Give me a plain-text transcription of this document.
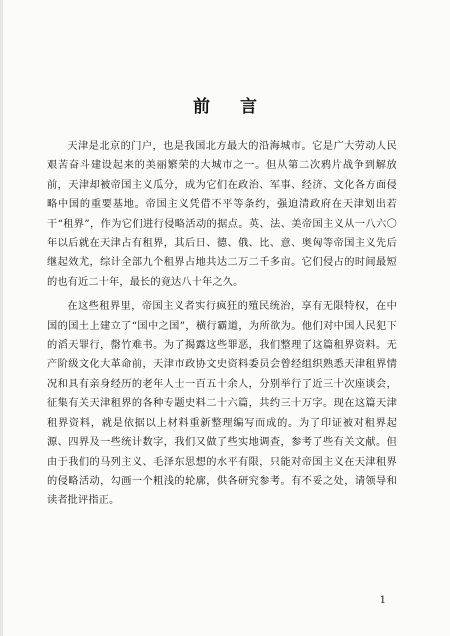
前 言

天津是北京的门户，也是我国北方最大的沿海城市。它是广大劳动人民艰苦奋斗建设起来的美丽繁荣的大城市之一。但从第二次鸦片战争到解放前，天津却被帝国主义瓜分，成为它们在政治、军事、经济、文化各方面侵略中国的重要基地。帝国主义凭借不平等条约，强迫清政府在天津划出若干“租界”，作为它们进行侵略活动的据点。英、法、美帝国主义从一八六〇年以后就在天津占有租界，其后日、德、俄、比、意、奥匈等帝国主义先后继起效尤，综计全部九个租界占地共达二万二千多亩。它们侵占的时间最短的也有近二十年，最长的竟达八十年之久。

在这些租界里，帝国主义者实行疯狂的殖民统治，享有无限特权，在中国的国土上建立了“国中之国”，横行霸道，为所欲为。他们对中国人民犯下的滔天罪行，罄竹难书。为了揭露这些罪恶，我们整理了这篇租界资料。无产阶级文化大革命前，天津市政协文史资料委员会曾经组织熟悉天津租界情况和具有亲身经历的老年人士一百五十余人，分别举行了近三十次座谈会，征集有关天津租界的各种专题史料二十六篇，共约三十万字。现在这篇天津租界资料，就是依据以上材料重新整理编写而成的。为了印证被对租界起源、四界及一些统计数字，我们又做了些实地调查，参考了些有关文献。但由于我们的马列主义、毛泽东思想的水平有限，只能对帝国主义在天津租界的侵略活动，勾画一个粗浅的轮廓，供各研究参考。有不妥之处，请领导和读者批评指正。

1
